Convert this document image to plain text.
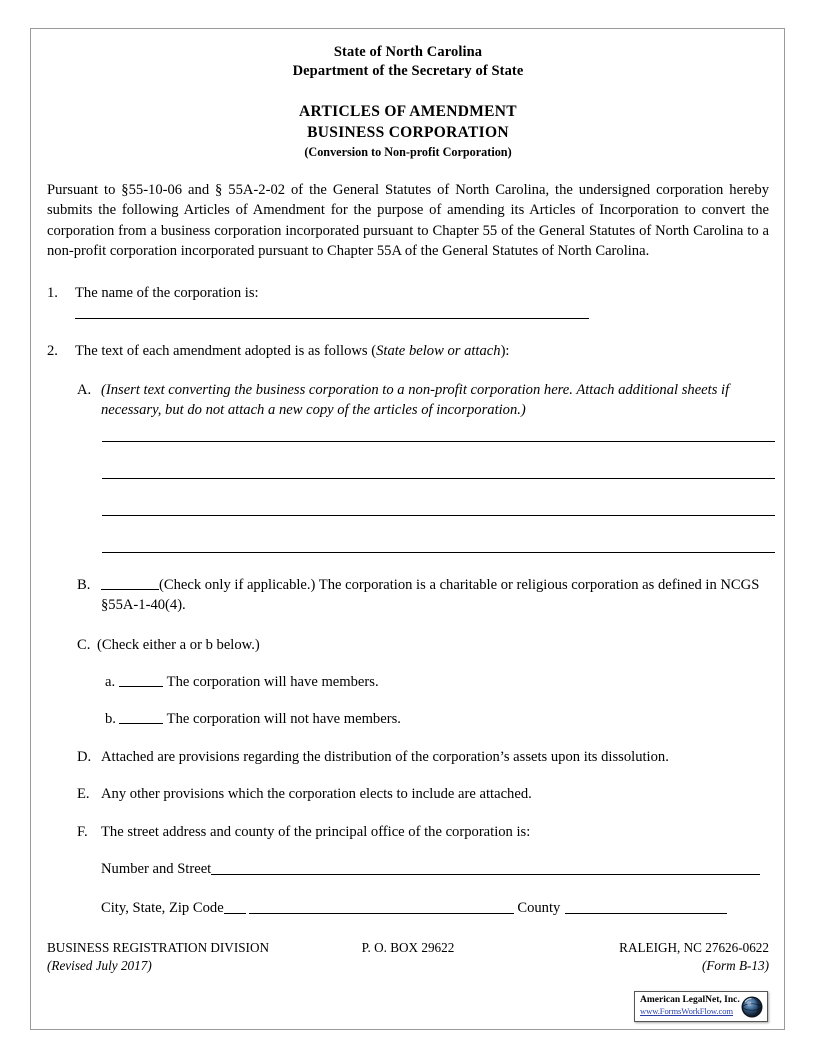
State of North Carolina
Department of the Secretary of State
ARTICLES OF AMENDMENT
BUSINESS CORPORATION
(Conversion to Non-profit Corporation)
Pursuant to §55-10-06 and § 55A-2-02 of the General Statutes of North Carolina, the undersigned corporation hereby submits the following Articles of Amendment for the purpose of amending its Articles of Incorporation to convert the corporation from a business corporation incorporated pursuant to Chapter 55 of the General Statutes of North Carolina to a non-profit corporation incorporated pursuant to Chapter 55A of the General Statutes of North Carolina.
1.	The name of the corporation is:
2.	The text of each amendment adopted is as follows (State below or attach):
A. (Insert text converting the business corporation to a non-profit corporation here. Attach additional sheets if necessary, but do not attach a new copy of the articles of incorporation.)
B.	(Check only if applicable.) The corporation is a charitable or religious corporation as defined in NCGS §55A-1-40(4).
C. (Check either a or b below.)
a.	The corporation will have members.
b.	The corporation will not have members.
D. Attached are provisions regarding the distribution of the corporation’s assets upon its dissolution.
E. Any other provisions which the corporation elects to include are attached.
F. The street address and county of the principal office of the corporation is:
Number and Street
City, State, Zip Code	County
BUSINESS REGISTRATION DIVISION	P. O. BOX 29622	RALEIGH, NC 27626-0622
(Revised July 2017)	(Form B-13)
American LegalNet, Inc.
www.FormsWorkFlow.com
